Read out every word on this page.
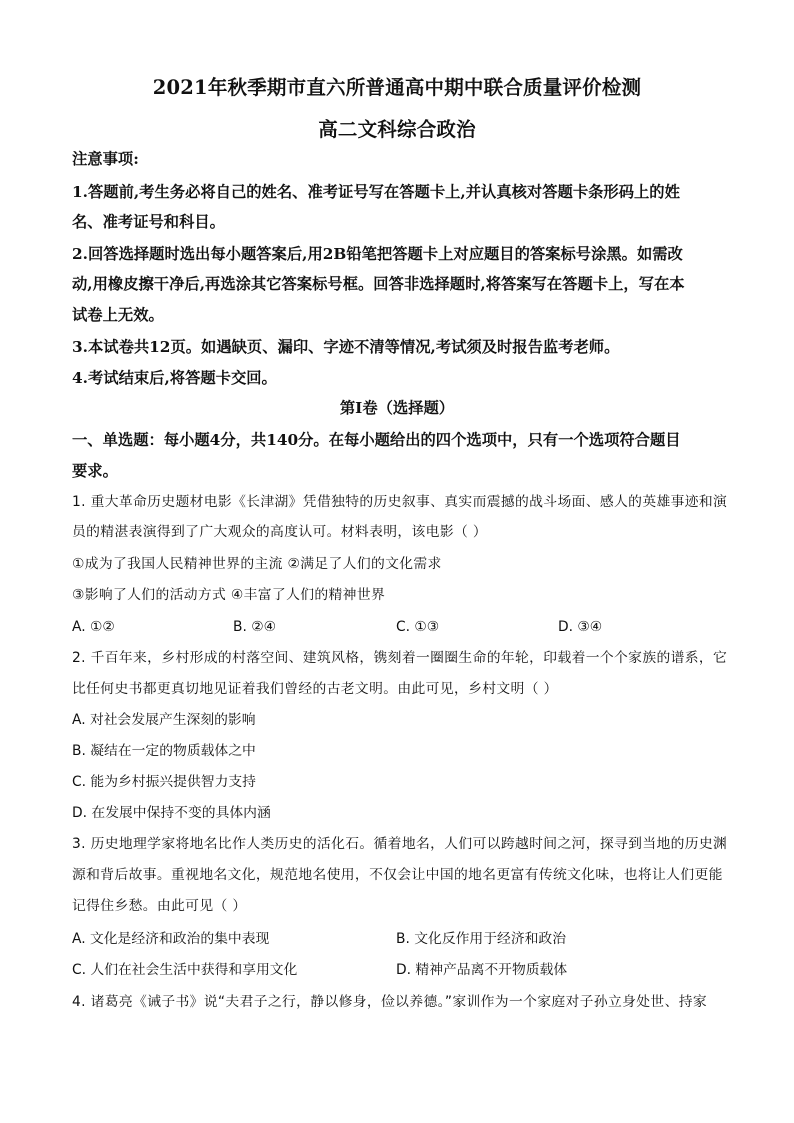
2021年秋季期市直六所普通高中期中联合质量评价检测
高二文科综合政治
注意事项:
1.答题前,考生务必将自己的姓名、准考证号写在答题卡上,并认真核对答题卡条形码上的姓
名、准考证号和科目。
2.回答选择题时选出每小题答案后,用2B铅笔把答题卡上对应题目的答案标号涂黑。如需改
动,用橡皮擦干净后,再选涂其它答案标号框。回答非选择题时,将答案写在答题卡上，写在本
试卷上无效。
3.本试卷共12页。如遇缺页、漏印、字迹不清等情况,考试须及时报告监考老师。
4.考试结束后,将答题卡交回。
第I卷（选择题）
一、单选题：每小题4分，共140分。在每小题给出的四个选项中，只有一个选项符合题目
要求。
1. 重大革命历史题材电影《长津湖》凭借独特的历史叙事、真实而震撼的战斗场面、感人的英雄事迹和演
员的精湛表演得到了广大观众的高度认可。材料表明，该电影（ ）
①成为了我国人民精神世界的主流 ②满足了人们的文化需求
③影响了人们的活动方式 ④丰富了人们的精神世界
A. ①②	B. ②④	C. ①③	D. ③④
2. 千百年来，乡村形成的村落空间、建筑风格，镌刻着一圈圈生命的年轮，印载着一个个家族的谱系，它
比任何史书都更真切地见证着我们曾经的古老文明。由此可见，乡村文明（ ）
A. 对社会发展产生深刻的影响
B. 凝结在一定的物质载体之中
C. 能为乡村振兴提供智力支持
D. 在发展中保持不变的具体内涵
3. 历史地理学家将地名比作人类历史的活化石。循着地名，人们可以跨越时间之河，探寻到当地的历史渊
源和背后故事。重视地名文化，规范地名使用，不仅会让中国的地名更富有传统文化味，也将让人们更能
记得住乡愁。由此可见（ ）
A. 文化是经济和政治的集中表现	B. 文化反作用于经济和政治
C. 人们在社会生活中获得和享用文化	D. 精神产品离不开物质载体
4. 诸葛亮《诫子书》说“夫君子之行，静以修身，俭以养德。”家训作为一个家庭对子孙立身处世、持家
